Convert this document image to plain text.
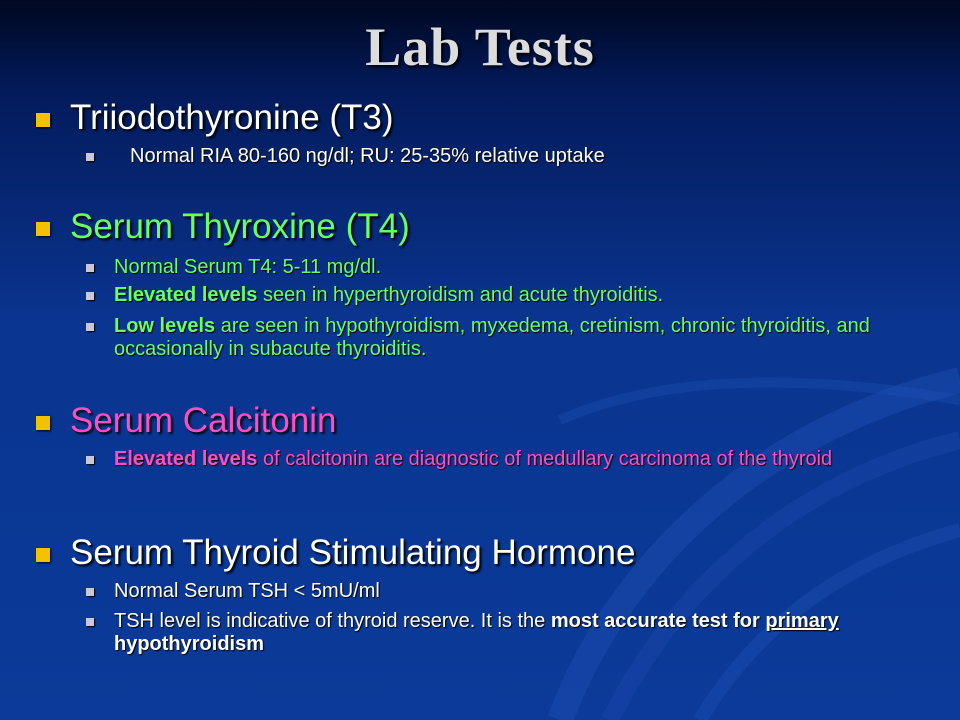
Lab Tests
Triiodothyronine (T3)
Normal RIA 80-160 ng/dl; RU: 25-35% relative uptake
Serum Thyroxine (T4)
Normal Serum T4: 5-11 mg/dl.
Elevated levels seen in hyperthyroidism and acute thyroiditis.
Low levels are seen in hypothyroidism, myxedema, cretinism, chronic thyroiditis, and occasionally in subacute thyroiditis.
Serum Calcitonin
Elevated levels of calcitonin are diagnostic of medullary carcinoma of the thyroid
Serum Thyroid Stimulating Hormone
Normal Serum TSH < 5mU/ml
TSH level is indicative of thyroid reserve. It is the most accurate test for primary hypothyroidism
